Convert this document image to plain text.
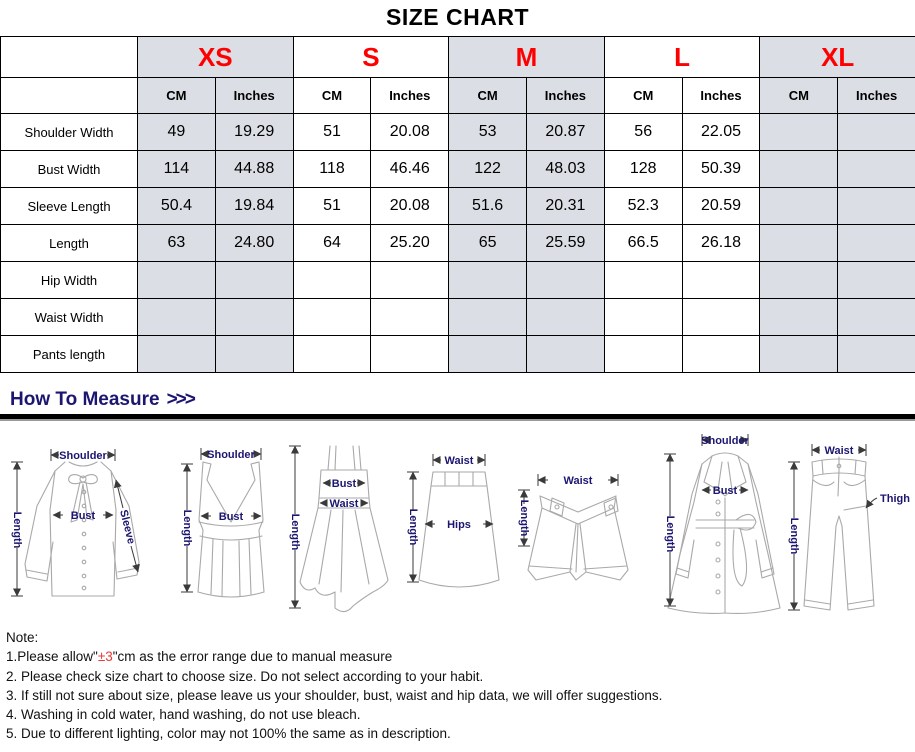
SIZE CHART
	XS		S		M		L		XL	
	CM	Inches	CM	Inches	CM	Inches	CM	Inches	CM	Inches
Shoulder Width	49	19.29	51	20.08	53	20.87	56	22.05		
Bust Width	114	44.88	118	46.46	122	48.03	128	50.39		
Sleeve Length	50.4	19.84	51	20.08	51.6	20.31	52.3	20.59		
Length	63	24.80	64	25.20	65	25.59	66.5	26.18		
Hip Width										
Waist Width										
Pants length										
How To Measure >>>
Shoulder
Length	Bust Sleeve
Shoulder
Length Bust
Bust
Waist
Length
Waist
Hips
Length
Waist
Length
Shoulder
Bust
Length
Waist
Thigh
Length
Note:
1.Please allow"±3"cm as the error range due to manual measure
2. Please check size chart to choose size. Do not select according to your habit.
3. If still not sure about size, please leave us your shoulder, bust, waist and hip data, we will offer suggestions.
4. Washing in cold water, hand washing, do not use bleach.
5. Due to different lighting, color may not 100% the same as in description.
